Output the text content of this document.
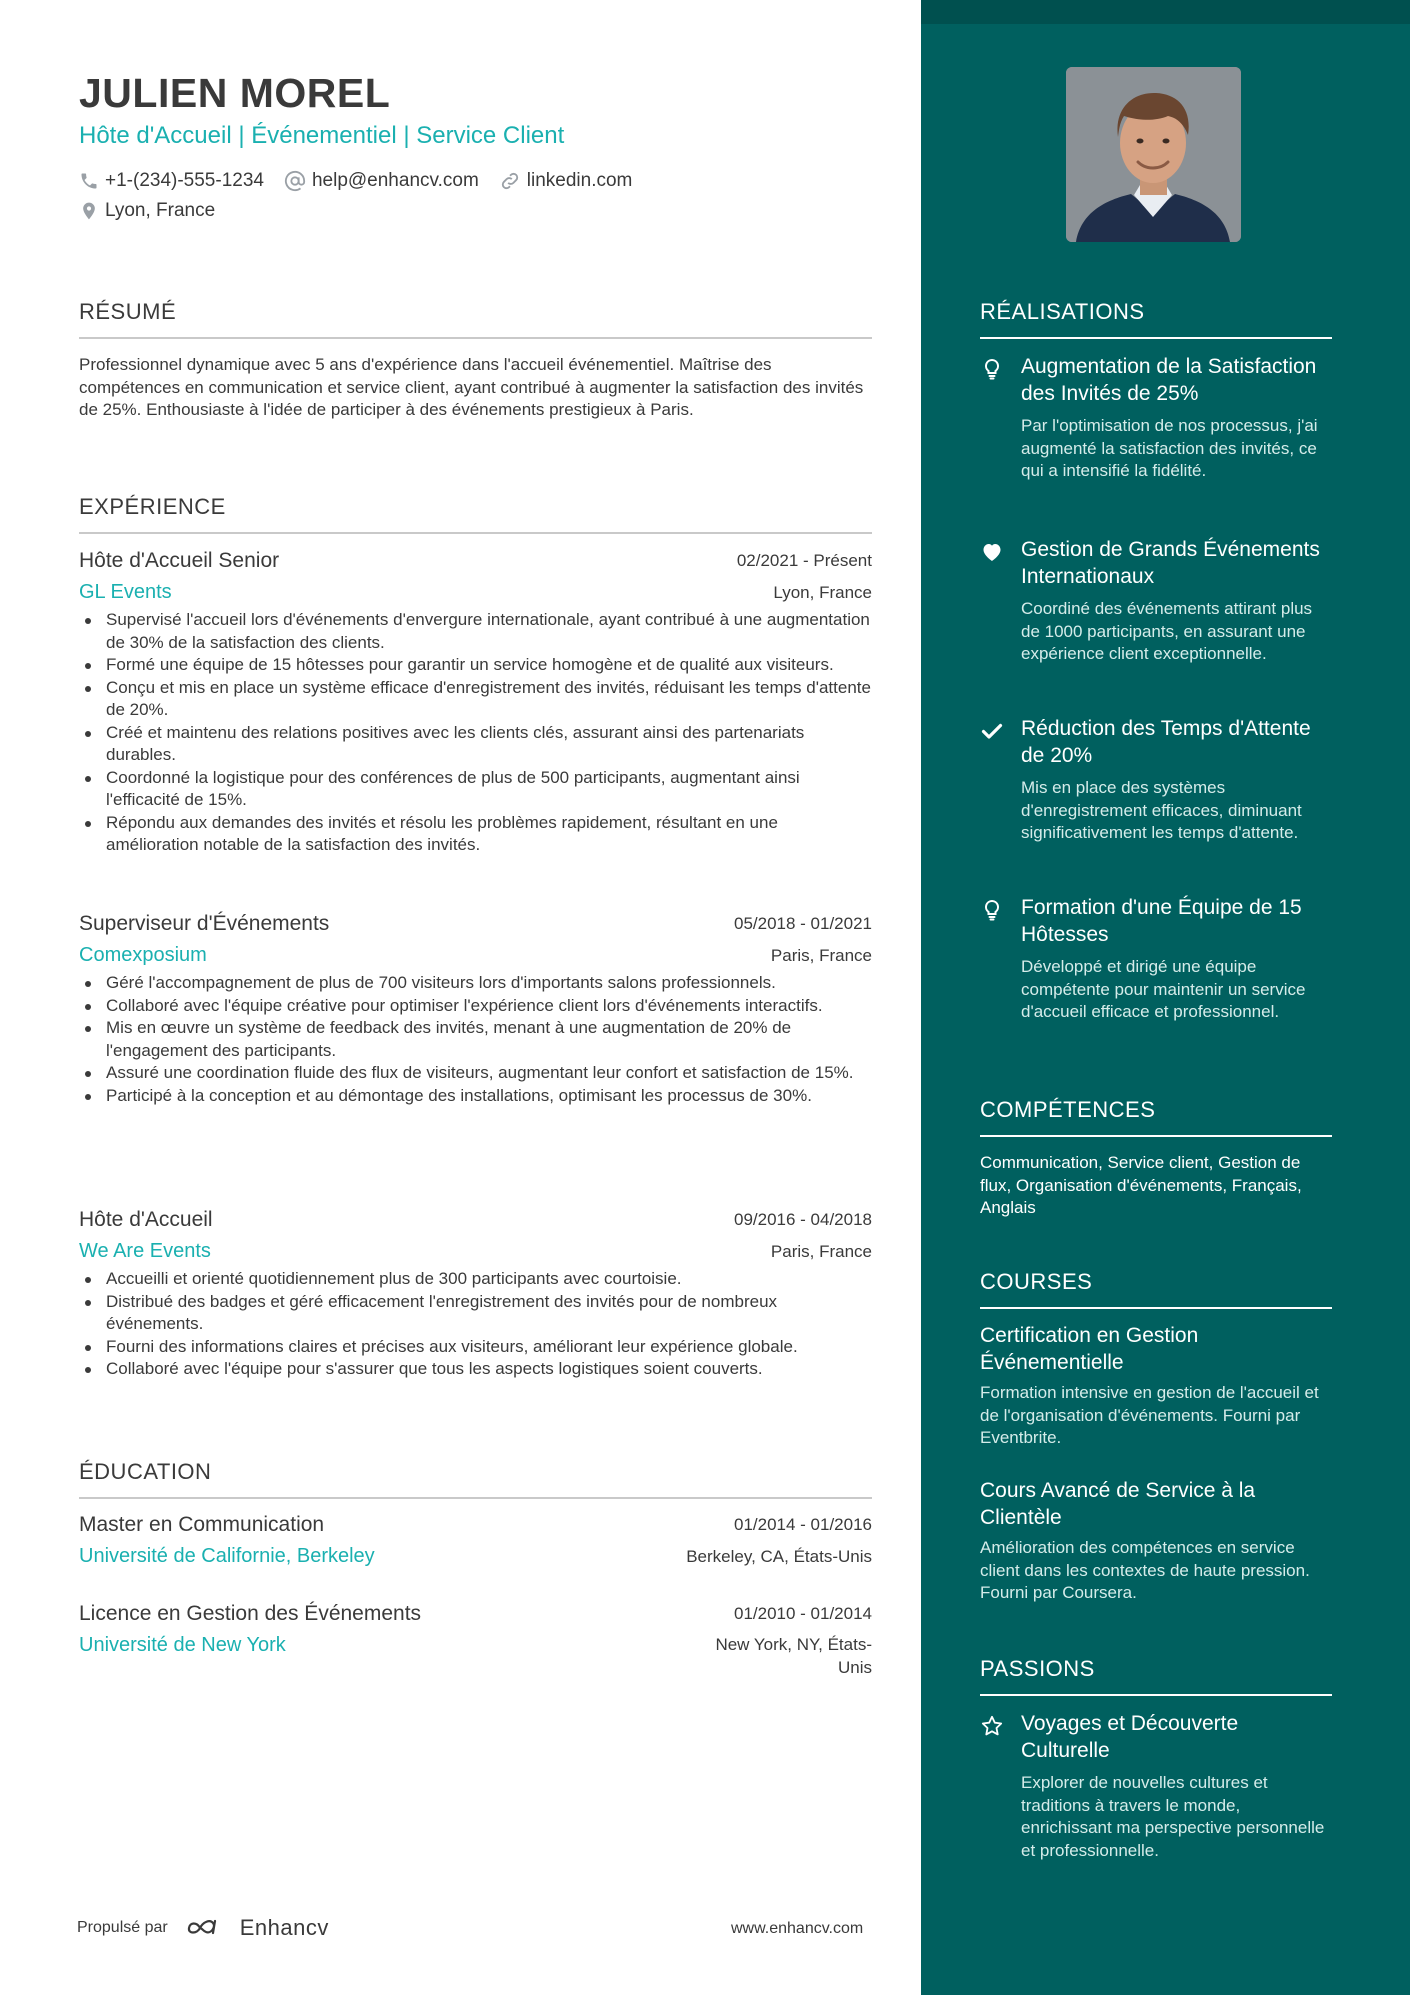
JULIEN MOREL
Hôte d'Accueil | Événementiel | Service Client
+1-(234)-555-1234	help@enhancv.com	linkedin.com
Lyon, France
RÉSUMÉ
Professionnel dynamique avec 5 ans d'expérience dans l'accueil événementiel. Maîtrise des compétences en communication et service client, ayant contribué à augmenter la satisfaction des invités de 25%. Enthousiaste à l'idée de participer à des événements prestigieux à Paris.
EXPÉRIENCE
Hôte d'Accueil Senior	02/2021 - Présent
GL Events	Lyon, France
Supervisé l'accueil lors d'événements d'envergure internationale, ayant contribué à une augmentation de 30% de la satisfaction des clients.
Formé une équipe de 15 hôtesses pour garantir un service homogène et de qualité aux visiteurs.
Conçu et mis en place un système efficace d'enregistrement des invités, réduisant les temps d'attente de 20%.
Créé et maintenu des relations positives avec les clients clés, assurant ainsi des partenariats durables.
Coordonné la logistique pour des conférences de plus de 500 participants, augmentant ainsi l'efficacité de 15%.
Répondu aux demandes des invités et résolu les problèmes rapidement, résultant en une amélioration notable de la satisfaction des invités.
Superviseur d'Événements	05/2018 - 01/2021
Comexposium	Paris, France
Géré l'accompagnement de plus de 700 visiteurs lors d'importants salons professionnels.
Collaboré avec l'équipe créative pour optimiser l'expérience client lors d'événements interactifs.
Mis en œuvre un système de feedback des invités, menant à une augmentation de 20% de l'engagement des participants.
Assuré une coordination fluide des flux de visiteurs, augmentant leur confort et satisfaction de 15%.
Participé à la conception et au démontage des installations, optimisant les processus de 30%.
Hôte d'Accueil	09/2016 - 04/2018
We Are Events	Paris, France
Accueilli et orienté quotidiennement plus de 300 participants avec courtoisie.
Distribué des badges et géré efficacement l'enregistrement des invités pour de nombreux événements.
Fourni des informations claires et précises aux visiteurs, améliorant leur expérience globale.
Collaboré avec l'équipe pour s'assurer que tous les aspects logistiques soient couverts.
ÉDUCATION
Master en Communication	01/2014 - 01/2016
Université de Californie, Berkeley	Berkeley, CA, États-Unis
Licence en Gestion des Événements	01/2010 - 01/2014
Université de New York	New York, NY, États-
Unis
Propulsé par	Enhancv	www.enhancv.com
RÉALISATIONS
Augmentation de la Satisfaction des Invités de 25%
Par l'optimisation de nos processus, j'ai augmenté la satisfaction des invités, ce qui a intensifié la fidélité.
Gestion de Grands Événements Internationaux
Coordiné des événements attirant plus de 1000 participants, en assurant une expérience client exceptionnelle.
Réduction des Temps d'Attente de 20%
Mis en place des systèmes d'enregistrement efficaces, diminuant significativement les temps d'attente.
Formation d'une Équipe de 15 Hôtesses
Développé et dirigé une équipe compétente pour maintenir un service d'accueil efficace et professionnel.
COMPÉTENCES
Communication, Service client, Gestion de flux, Organisation d'événements, Français, Anglais
COURSES
Certification en Gestion Événementielle
Formation intensive en gestion de l'accueil et de l'organisation d'événements. Fourni par Eventbrite.
Cours Avancé de Service à la Clientèle
Amélioration des compétences en service client dans les contextes de haute pression. Fourni par Coursera.
PASSIONS
Voyages et Découverte Culturelle
Explorer de nouvelles cultures et traditions à travers le monde, enrichissant ma perspective personnelle et professionnelle.
